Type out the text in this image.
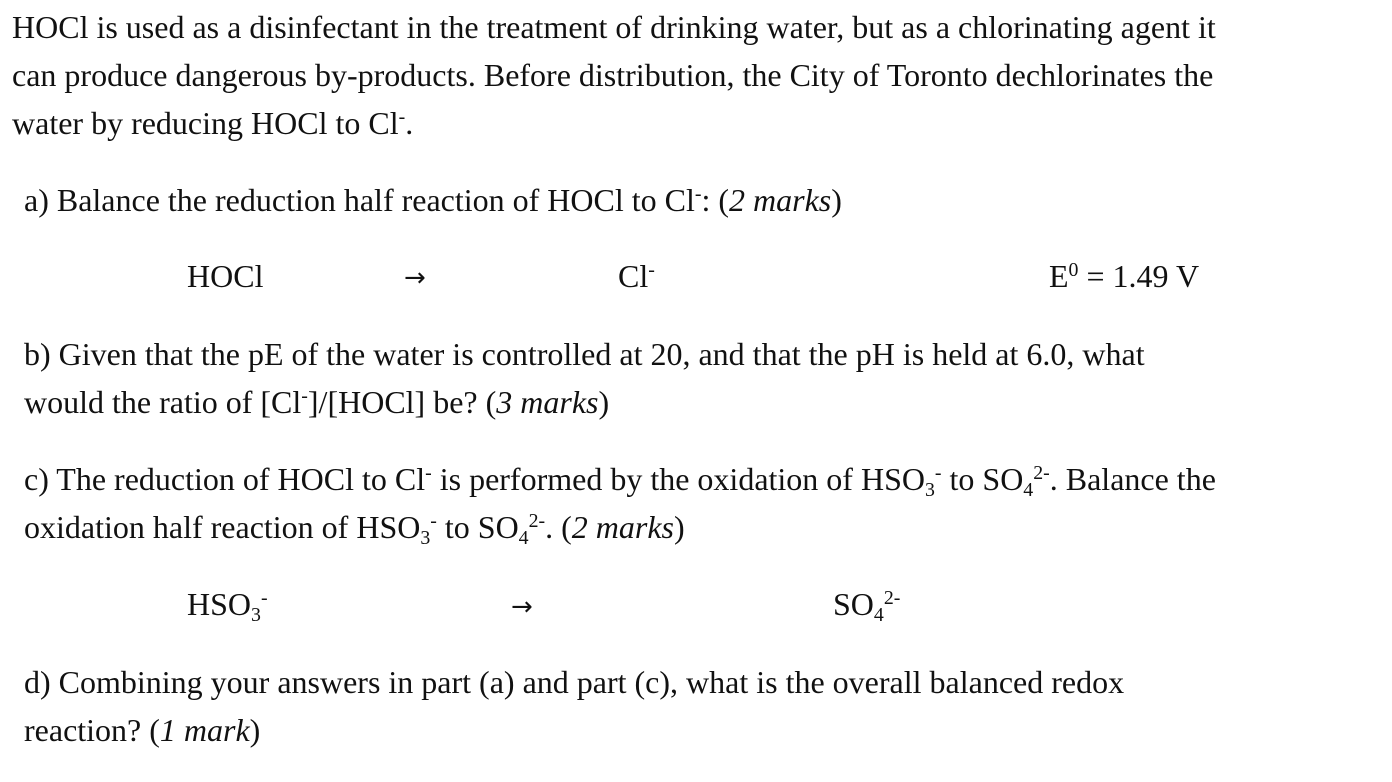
HOCl is used as a disinfectant in the treatment of drinking water, but as a chlorinating agent it

can produce dangerous by-products. Before distribution, the City of Toronto dechlorinates the

water by reducing HOCl to Cl-.

a) Balance the reduction half reaction of HOCl to Cl-: (2 marks)

HOCl	→	Cl-	$E^0 = 1.49$ V

b) Given that the pE of the water is controlled at 20, and that the pH is held at 6.0, what

would the ratio of [Cl-]/[HOCl] be? (3 marks)

c) The reduction of HOCl to Cl- is performed by the oxidation of $HSO_3^-$ to $SO_4^{2-}$. Balance the

oxidation half reaction of $HSO_3^-$ to $SO_4^{2-}$. (2 marks)

$HSO_3^-$	→	$SO_4^{2-}$

d) Combining your answers in part (a) and part (c), what is the overall balanced redox

reaction? (1 mark)
